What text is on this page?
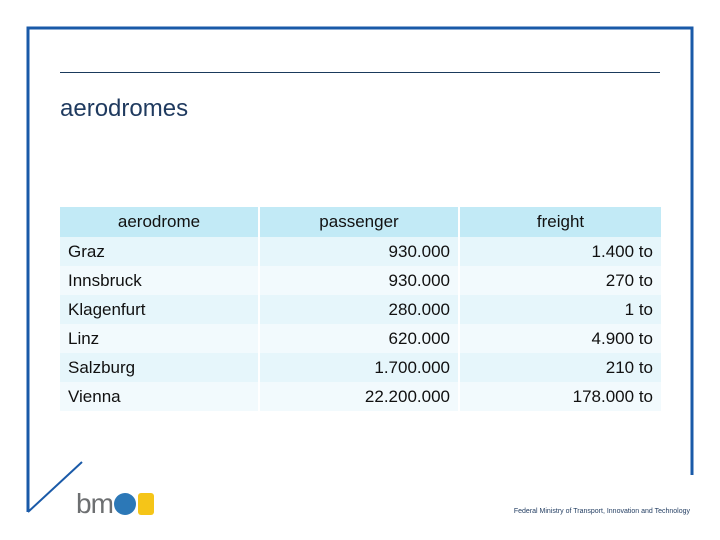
aerodromes
aerodrome	passenger	freight
Graz	930.000	1.400 to
Innsbruck	930.000	270 to
Klagenfurt	280.000	1 to
Linz	620.000	4.900 to
Salzburg	1.700.000	210 to
Vienna	22.200.000	178.000 to
bm	Federal Ministry of Transport, Innovation and Technology
